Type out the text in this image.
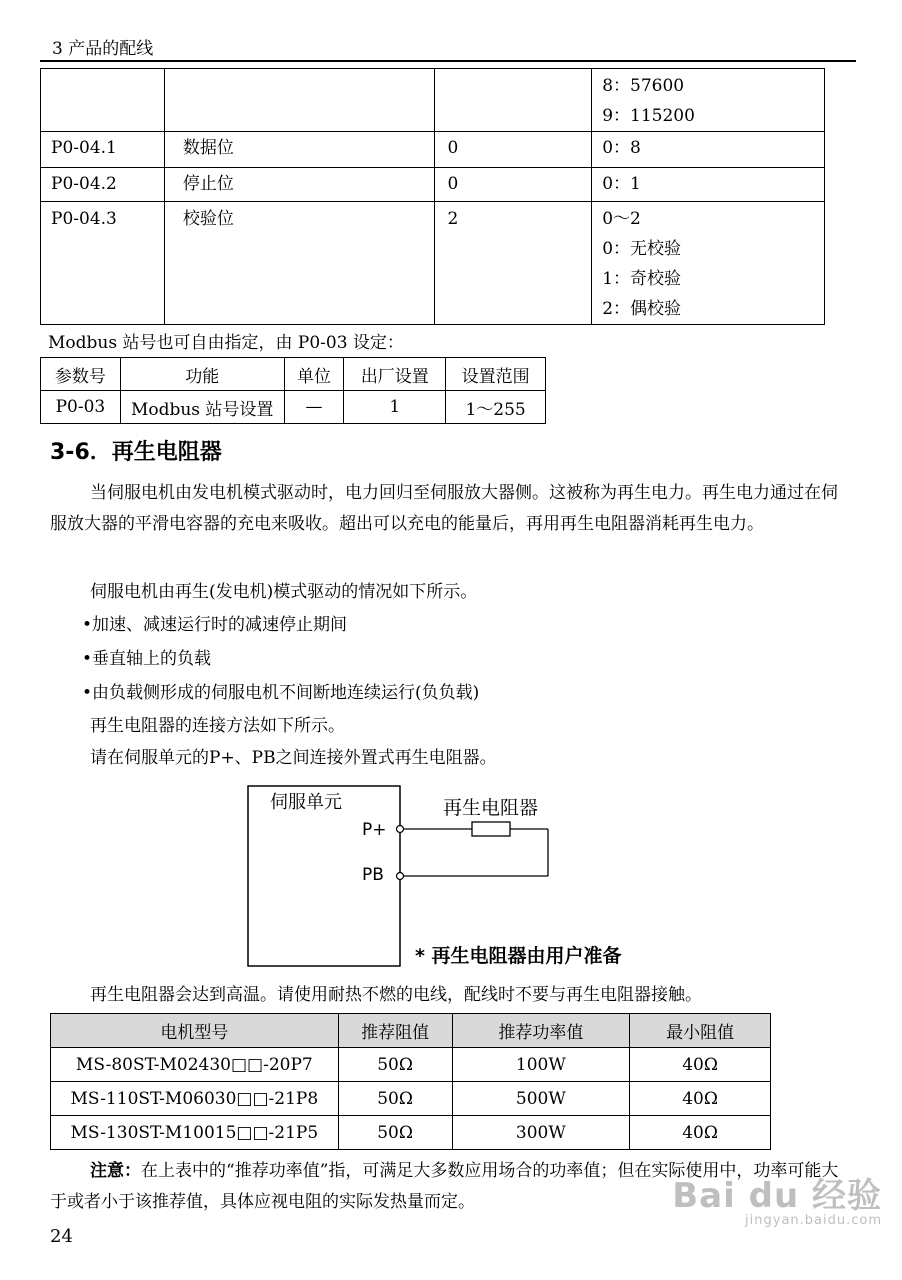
3 产品的配线

			8：57600
9：115200

P0-04.1	数据位	0	0：8

P0-04.2	停止位	0	0：1

P0-04.3	校验位	2	0～2
0：无校验
1：奇校验
2：偶校验
Modbus 站号也可自由指定，由 P0-03 设定：
参数号	功能	单位	出厂设置	设置范围
P0-03	Modbus 站号设置	—	1	1～255
3-6．再生电阻器
当伺服电机由发电机模式驱动时，电力回归至伺服放大器侧。这被称为再生电力。再生电力通过在伺服放大器的平滑电容器的充电来吸收。超出可以充电的能量后，再用再生电阻器消耗再生电力。
伺服电机由再生(发电机)模式驱动的情况如下所示。
•加速、减速运行时的减速停止期间
•垂直轴上的负载
•由负载侧形成的伺服电机不间断地连续运行(负负载)
再生电阻器的连接方法如下所示。
请在伺服单元的P+、PB之间连接外置式再生电阻器。
伺服单元
P+
PB
再生电阻器
* 再生电阻器由用户准备
再生电阻器会达到高温。请使用耐热不燃的电线，配线时不要与再生电阻器接触。
电机型号	推荐阻值	推荐功率值	最小阻值
MS-80ST-M02430□□-20P7	50Ω	100W	40Ω
MS-110ST-M06030□□-21P8	50Ω	500W	40Ω
MS-130ST-M10015□□-21P5	50Ω	300W	40Ω
注意：在上表中的“推荐功率值”指，可满足大多数应用场合的功率值；但在实际使用中，功率可能大于或者小于该推荐值，具体应视电阻的实际发热量而定。
24
Bai du 经验
jingyan.baidu.com
